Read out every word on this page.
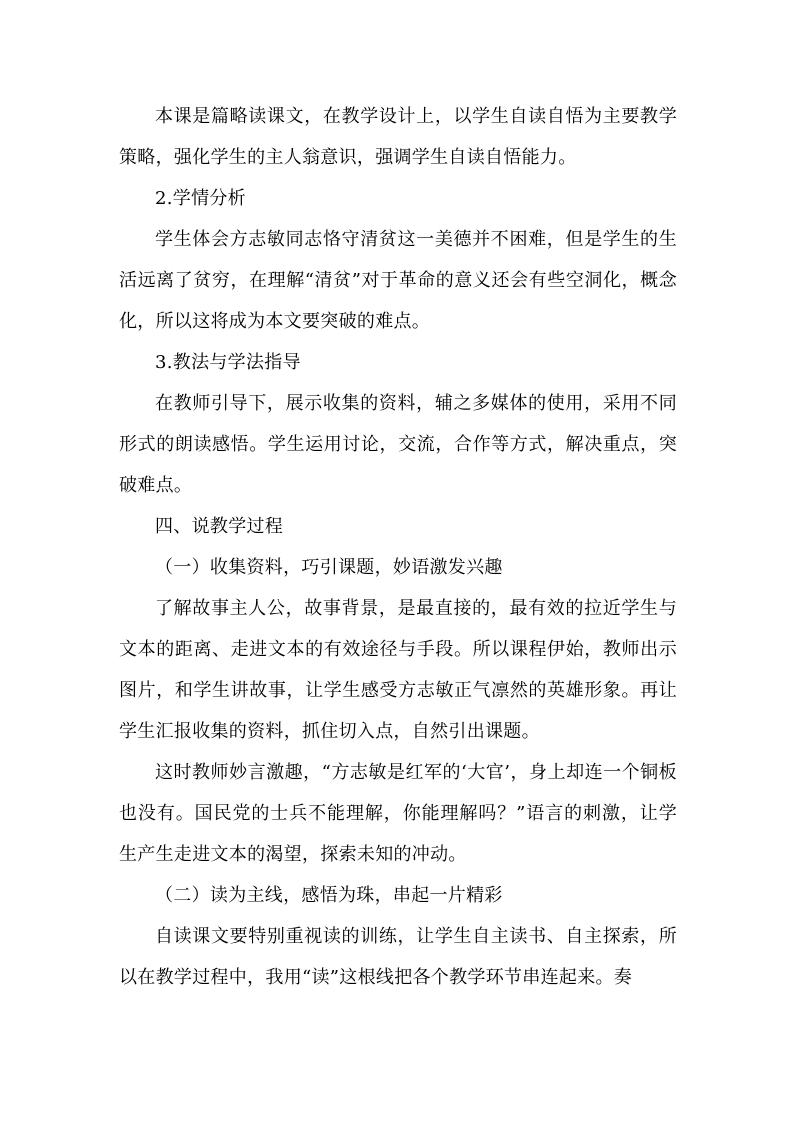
本课是篇略读课文，在教学设计上，以学生自读自悟为主要教学策略，强化学生的主人翁意识，强调学生自读自悟能力。

2.学情分析

学生体会方志敏同志恪守清贫这一美德并不困难，但是学生的生活远离了贫穷，在理解“清贫”对于革命的意义还会有些空洞化，概念化，所以这将成为本文要突破的难点。

3.教法与学法指导

在教师引导下，展示收集的资料，辅之多媒体的使用，采用不同形式的朗读感悟。学生运用讨论，交流，合作等方式，解决重点，突破难点。

四、说教学过程

（一）收集资料，巧引课题，妙语激发兴趣

了解故事主人公，故事背景，是最直接的，最有效的拉近学生与文本的距离、走进文本的有效途径与手段。所以课程伊始，教师出示图片，和学生讲故事，让学生感受方志敏正气凛然的英雄形象。再让学生汇报收集的资料，抓住切入点，自然引出课题。

这时教师妙言激趣，“方志敏是红军的‘大官’，身上却连一个铜板也没有。国民党的士兵不能理解，你能理解吗？”语言的刺激，让学生产生走进文本的渴望，探索未知的冲动。

（二）读为主线，感悟为珠，串起一片精彩

自读课文要特别重视读的训练，让学生自主读书、自主探索，所以在教学过程中，我用“读”这根线把各个教学环节串连起来。奏
